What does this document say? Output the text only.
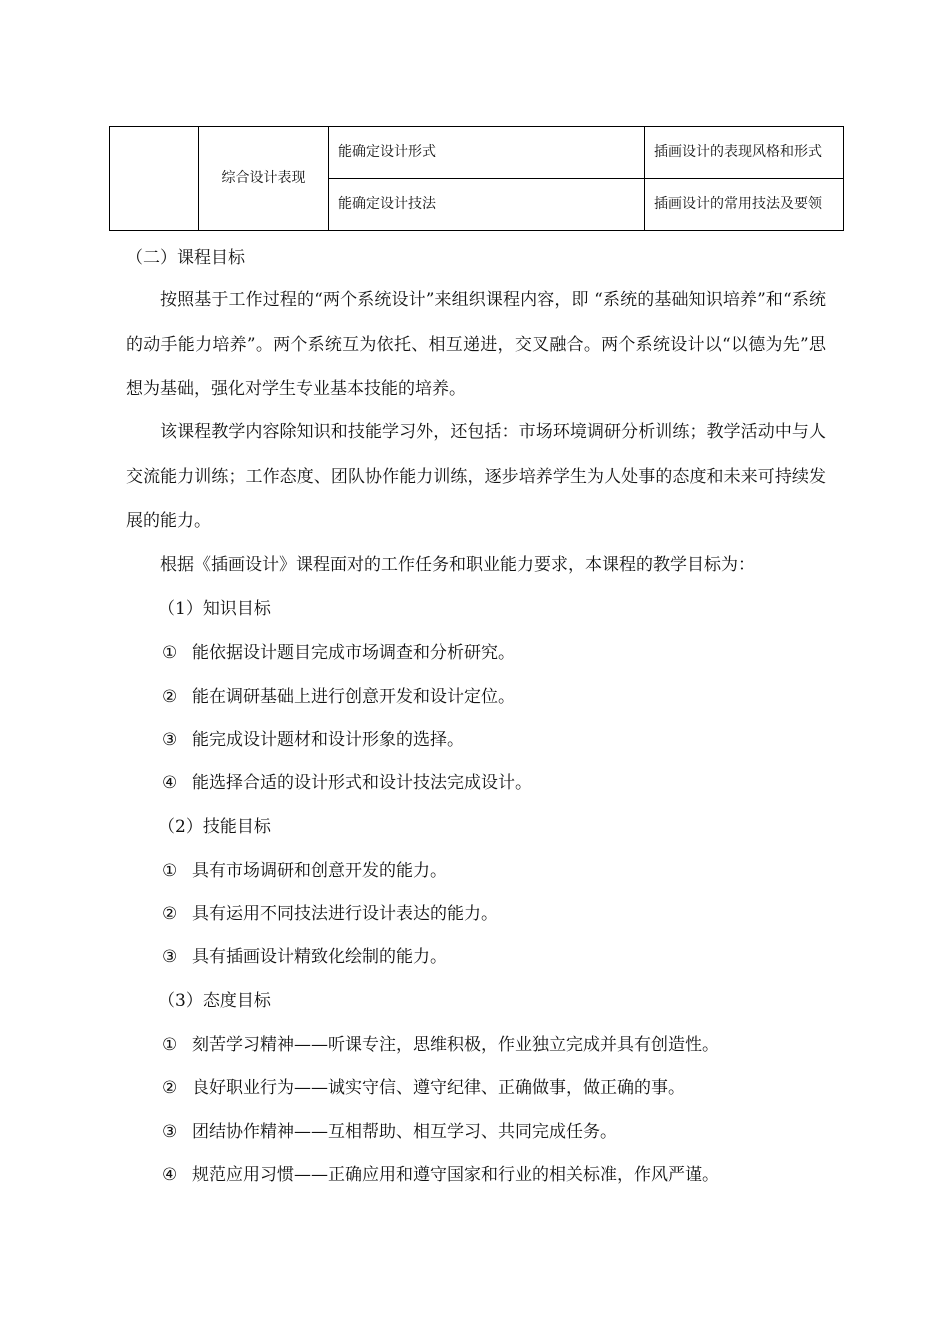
	综合设计表现	能确定设计形式	插画设计的表现风格和形式
		能确定设计技法	插画设计的常用技法及要领
（二）课程目标
按照基于工作过程的“两个系统设计”来组织课程内容，即 “系统的基础知识培养”和“系统的动手能力培养”。两个系统互为依托、相互递进，交叉融合。两个系统设计以“以德为先”思想为基础，强化对学生专业基本技能的培养。
该课程教学内容除知识和技能学习外，还包括：市场环境调研分析训练；教学活动中与人交流能力训练；工作态度、团队协作能力训练，逐步培养学生为人处事的态度和未来可持续发展的能力。
根据《插画设计》课程面对的工作任务和职业能力要求，本课程的教学目标为：
（1）知识目标
① 能依据设计题目完成市场调查和分析研究。
② 能在调研基础上进行创意开发和设计定位。
③ 能完成设计题材和设计形象的选择。
④ 能选择合适的设计形式和设计技法完成设计。
（2）技能目标
① 具有市场调研和创意开发的能力。
② 具有运用不同技法进行设计表达的能力。
③ 具有插画设计精致化绘制的能力。
（3）态度目标
① 刻苦学习精神——听课专注，思维积极，作业独立完成并具有创造性。
② 良好职业行为——诚实守信、遵守纪律、正确做事，做正确的事。
③ 团结协作精神——互相帮助、相互学习、共同完成任务。
④ 规范应用习惯——正确应用和遵守国家和行业的相关标准，作风严谨。
